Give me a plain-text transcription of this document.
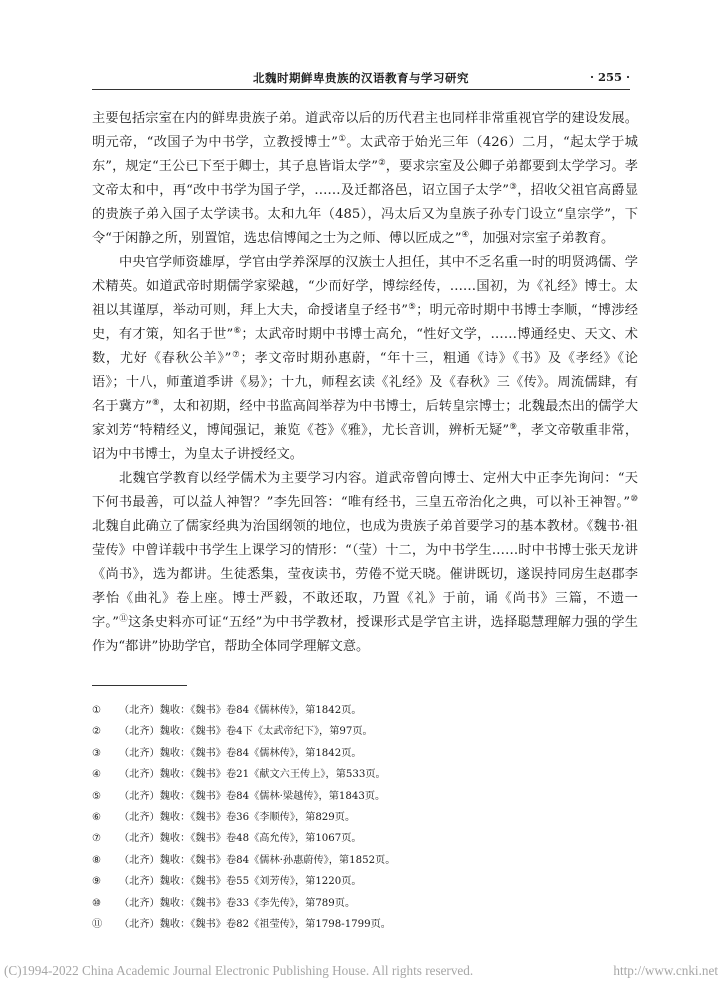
北魏时期鲜卑贵族的汉语教育与学习研究	· 255 ·

主要包括宗室在内的鲜卑贵族子弟。道武帝以后的历代君主也同样非常重视官学的建设发展。明元帝，“改国子为中书学，立教授博士”①。太武帝于始光三年（426）二月，“起太学于城东”，规定“王公已下至于卿士，其子息皆诣太学”②，要求宗室及公卿子弟都要到太学学习。孝文帝太和中，再“改中书学为国子学，……及迁都洛邑，诏立国子太学”③，招收父祖官高爵显的贵族子弟入国子太学读书。太和九年（485），冯太后又为皇族子孙专门设立“皇宗学”，下令“于闲静之所，别置馆，选忠信博闻之士为之师、傅以匠成之”④，加强对宗室子弟教育。

中央官学师资雄厚，学官由学养深厚的汉族士人担任，其中不乏名重一时的明贤鸿儒、学术精英。如道武帝时期儒学家梁越，“少而好学，博综经传，……国初，为《礼经》博士。太祖以其谨厚，举动可则，拜上大夫，命授诸皇子经书”⑤；明元帝时期中书博士李顺，“博涉经史，有才策，知名于世”⑥；太武帝时期中书博士高允，“性好文学，……博通经史、天文、术数，尤好《春秋公羊》”⑦；孝文帝时期孙惠蔚，“年十三，粗通《诗》《书》及《孝经》《论语》；十八，师董道季讲《易》；十九，师程玄读《礼经》及《春秋》三《传》。周流儒肆，有名于冀方”⑧，太和初期，经中书监高闾举荐为中书博士，后转皇宗博士；北魏最杰出的儒学大家刘芳“特精经义，博闻强记，兼览《苍》《雅》，尤长音训，辨析无疑”⑨，孝文帝敬重非常，诏为中书博士，为皇太子讲授经文。

北魏官学教育以经学儒术为主要学习内容。道武帝曾向博士、定州大中正李先询问：“天下何书最善，可以益人神智？”李先回答：“唯有经书，三皇五帝治化之典，可以补王神智。”⑩北魏自此确立了儒家经典为治国纲领的地位，也成为贵族子弟首要学习的基本教材。《魏书·祖莹传》中曾详载中书学生上课学习的情形：“（莹）十二，为中书学生……时中书博士张天龙讲《尚书》，选为都讲。生徒悉集，莹夜读书，劳倦不觉天晓。催讲既切，遂误持同房生赵郡李孝怡《曲礼》卷上座。博士严毅，不敢还取，乃置《礼》于前，诵《尚书》三篇，不遗一字。”⑪这条史料亦可证“五经”为中书学教材，授课形式是学官主讲，选择聪慧理解力强的学生作为“都讲”协助学官，帮助全体同学理解文意。

① （北齐）魏收：《魏书》卷84《儒林传》，第1842页。
② （北齐）魏收：《魏书》卷4下《太武帝纪下》，第97页。
③ （北齐）魏收：《魏书》卷84《儒林传》，第1842页。
④ （北齐）魏收：《魏书》卷21《献文六王传上》，第533页。
⑤ （北齐）魏收：《魏书》卷84《儒林·梁越传》，第1843页。
⑥ （北齐）魏收：《魏书》卷36《李顺传》，第829页。
⑦ （北齐）魏收：《魏书》卷48《高允传》，第1067页。
⑧ （北齐）魏收：《魏书》卷84《儒林·孙惠蔚传》，第1852页。
⑨ （北齐）魏收：《魏书》卷55《刘芳传》，第1220页。
⑩ （北齐）魏收：《魏书》卷33《李先传》，第789页。
⑪ （北齐）魏收：《魏书》卷82《祖莹传》，第1798-1799页。
(C)1994-2022 China Academic Journal Electronic Publishing House. All rights reserved.	http://www.cnki.net
